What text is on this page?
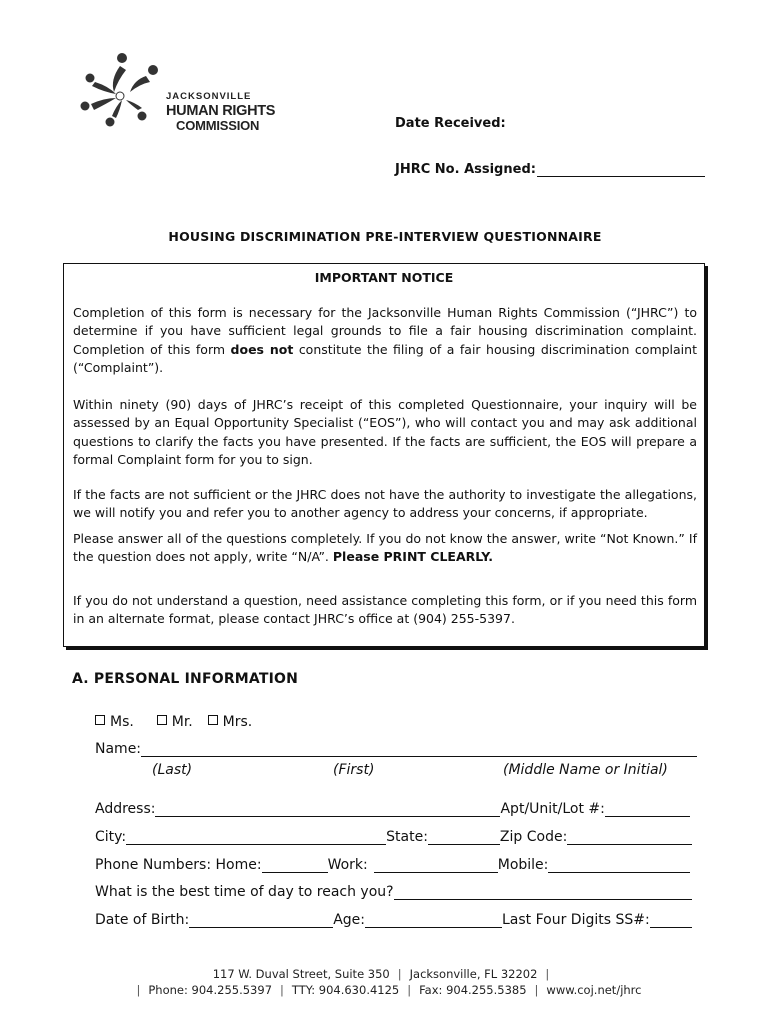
JACKSONVILLE
HUMAN RIGHTS
COMMISSION	Date Received:
JHRC No. Assigned:
HOUSING DISCRIMINATION PRE-INTERVIEW QUESTIONNAIRE
IMPORTANT NOTICE
Completion of this form is necessary for the Jacksonville Human Rights Commission (“JHRC”) to determine if you have sufficient legal grounds to file a fair housing discrimination complaint. Completion of this form does not constitute the filing of a fair housing discrimination complaint (“Complaint”).
Within ninety (90) days of JHRC’s receipt of this completed Questionnaire, your inquiry will be assessed by an Equal Opportunity Specialist (“EOS”), who will contact you and may ask additional questions to clarify the facts you have presented. If the facts are sufficient, the EOS will prepare a formal Complaint form for you to sign.
If the facts are not sufficient or the JHRC does not have the authority to investigate the allegations, we will notify you and refer you to another agency to address your concerns, if appropriate.
Please answer all of the questions completely. If you do not know the answer, write “Not Known.” If the question does not apply, write “N/A”. Please PRINT CLEARLY.
If you do not understand a question, need assistance completing this form, or if you need this form in an alternate format, please contact JHRC’s office at (904) 255-5397.
A. PERSONAL INFORMATION
Ms.	Mr. Mrs.
Name:
(Last)	(First)	(Middle Name or Initial)
Address:	Apt/Unit/Lot #:
City:	State:	Zip Code:
Phone Numbers: Home:	Work:	Mobile:
What is the best time of day to reach you?
Date of Birth:	Age:	Last Four Digits SS#:
117 W. Duval Street, Suite 350 | Jacksonville, FL 32202 |
| Phone: 904.255.5397 | TTY: 904.630.4125 | Fax: 904.255.5385 | www.coj.net/jhrc
